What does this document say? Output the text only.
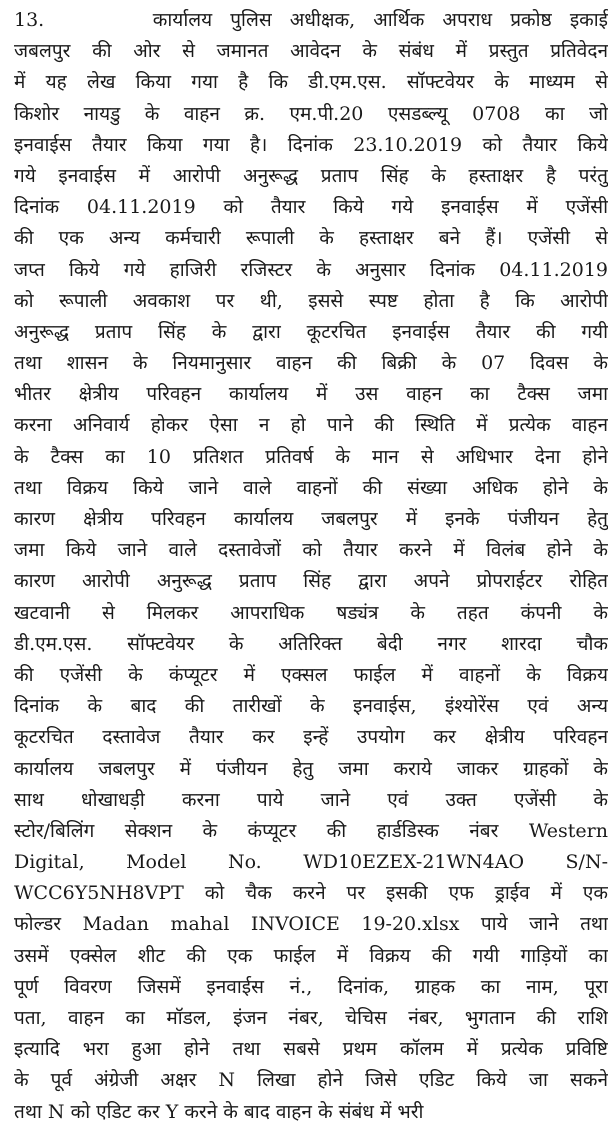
13.	कार्यालय पुलिस अधीक्षक, आर्थिक अपराध प्रकोष्ठ इकाई
जबलपुर की ओर से जमानत आवेदन के संबंध में प्रस्तुत प्रतिवेदन
में यह लेख किया गया है कि डी.एम.एस. सॉफ्टवेयर के माध्यम से
किशोर नायडु के वाहन क्र. एम.पी.20 एसडब्ल्यू 0708 का जो
इनवाईस तैयार किया गया है। दिनांक 23.10.2019 को तैयार किये
गये इनवाईस में आरोपी अनुरूद्ध प्रताप सिंह के हस्ताक्षर है परंतु
दिनांक 04.11.2019 को तैयार किये गये इनवाईस में एजेंसी
की एक अन्य कर्मचारी रूपाली के हस्ताक्षर बने हैं। एजेंसी से
जप्त किये गये हाजिरी रजिस्टर के अनुसार दिनांक 04.11.2019
को रूपाली अवकाश पर थी, इससे स्पष्ट होता है कि आरोपी
अनुरूद्ध प्रताप सिंह के द्वारा कूटरचित इनवाईस तैयार की गयी
तथा शासन के नियमानुसार वाहन की बिक्री के 07 दिवस के
भीतर क्षेत्रीय परिवहन कार्यालय में उस वाहन का टैक्स जमा
करना अनिवार्य होकर ऐसा न हो पाने की स्थिति में प्रत्येक वाहन
के टैक्स का 10 प्रतिशत प्रतिवर्ष के मान से अधिभार देना होने
तथा विक्रय किये जाने वाले वाहनों की संख्या अधिक होने के
कारण क्षेत्रीय परिवहन कार्यालय जबलपुर में इनके पंजीयन हेतु
जमा किये जाने वाले दस्तावेजों को तैयार करने में विलंब होने के
कारण आरोपी अनुरूद्ध प्रताप सिंह द्वारा अपने प्रोपराईटर रोहित
खटवानी से मिलकर आपराधिक षड्यंत्र के तहत कंपनी के
डी.एम.एस. सॉफ्टवेयर के अतिरिक्त बेदी नगर शारदा चौक
की एजेंसी के कंप्यूटर में एक्सल फाईल में वाहनों के विक्रय
दिनांक के बाद की तारीखों के इनवाईस, इंश्योरेंस एवं अन्य
कूटरचित दस्तावेज तैयार कर इन्हें उपयोग कर क्षेत्रीय परिवहन
कार्यालय जबलपुर में पंजीयन हेतु जमा कराये जाकर ग्राहकों के
साथ धोखाधड़ी करना पाये जाने एवं उक्त एजेंसी के
स्टोर/बिलिंग सेक्शन के कंप्यूटर की हार्डडिस्क नंबर Western
Digital, Model No. WD10EZEX-21WN4AO S/N-
WCC6Y5NH8VPT को चैक करने पर इसकी एफ ड्राईव में एक
फोल्डर Madan mahal INVOICE 19-20.xlsx पाये जाने तथा
उसमें एक्सेल शीट की एक फाईल में विक्रय की गयी गाड़ियों का
पूर्ण विवरण जिसमें इनवाईस नं., दिनांक, ग्राहक का नाम, पूरा
पता, वाहन का मॉडल, इंजन नंबर, चेचिस नंबर, भुगतान की राशि
इत्यादि भरा हुआ होने तथा सबसे प्रथम कॉलम में प्रत्येक प्रविष्टि
के पूर्व अंग्रेजी अक्षर N लिखा होने जिसे एडिट किये जा सकने
तथा N को एडिट कर Y करने के बाद वाहन के संबंध में भरी
